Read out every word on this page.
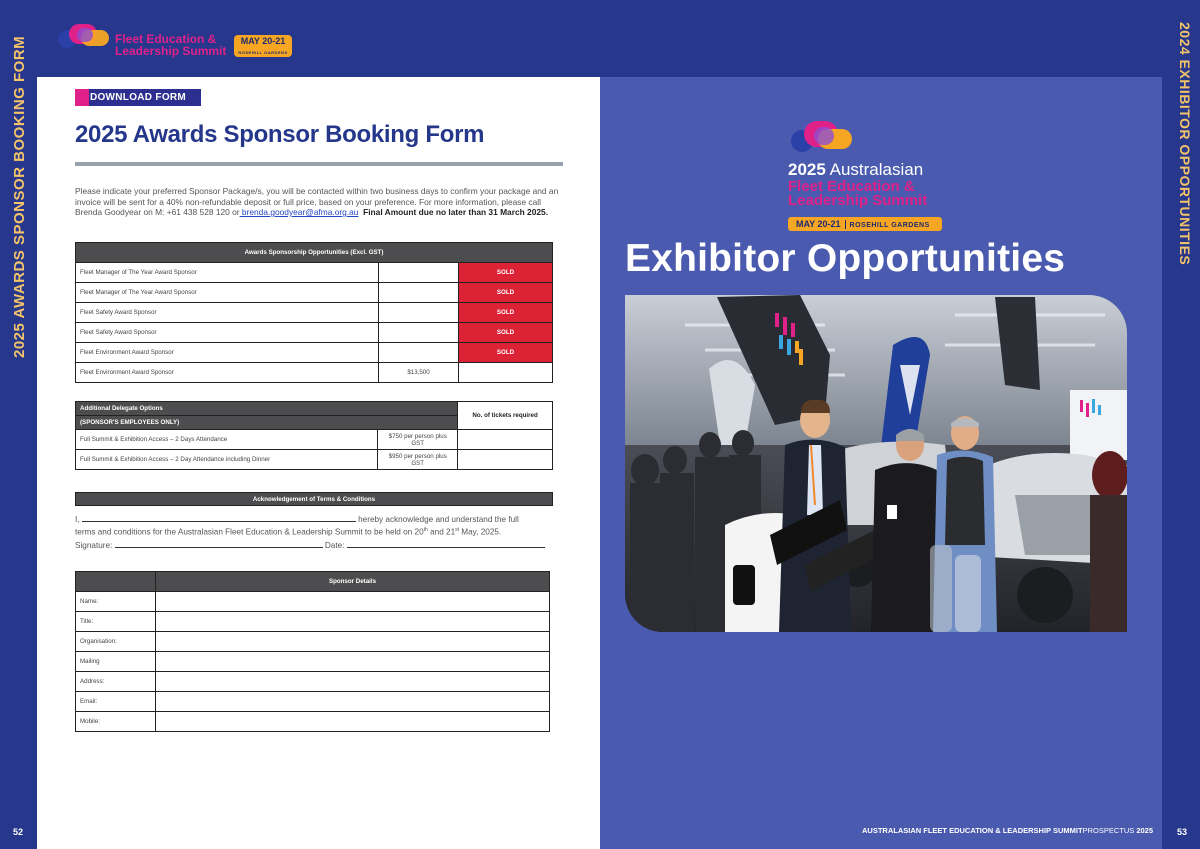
2025 AWARDS SPONSOR BOOKING FORM
52
Fleet Education &
Leadership Summit
MAY 20-21
ROSEHILL GARDENS
DOWNLOAD FORM
2025 Awards Sponsor Booking Form
Please indicate your preferred Sponsor Package/s, you will be contacted within two business days to confirm your package and an invoice will be sent for a 40% non-refundable deposit or full price, based on your preference. For more information, please call Brenda Goodyear on M: +61 438 528 120 or brenda.goodyear@afma.org.au Final Amount due no later than 31 March 2025.
Awards Sponsorship Opportunities (Excl. GST)		
Fleet Manager of The Year Award Sponsor		SOLD
Fleet Manager of The Year Award Sponsor		SOLD
Fleet Safety Award Sponsor		SOLD
Fleet Safety Award Sponsor		SOLD
Fleet Environment Award Sponsor		SOLD
Fleet Environment Award Sponsor	$13,500	
Additional Delegate Options		No. of tickets required
(SPONSOR'S EMPLOYEES ONLY)		
Full Summit & Exhibition Access – 2 Days Attendance	$750 per person plus GST	
Full Summit & Exhibition Access – 2 Day Attendance including Dinner	$950 per person plus GST	
Acknowledgement of Terms & Conditions
I,	hereby acknowledge and understand the full
terms and conditions for the Australasian Fleet Education & Leadership Summit to be held on 20th and 21st May, 2025.
Signature:	Date:
	Sponsor Details
Name:	
Title:	
Organisation:	
Mailing	
Address:	
Email:	
Mobile:	
2025 Australasian
Fleet Education &
Leadership Summit
MAY 20-21 ROSEHILL GARDENS
Exhibitor Opportunities
AUSTRALASIAN FLEET EDUCATION & LEADERSHIP SUMMITPROSPECTUS 2025
2024 EXHIBITOR OPPORTUNITIES
53
